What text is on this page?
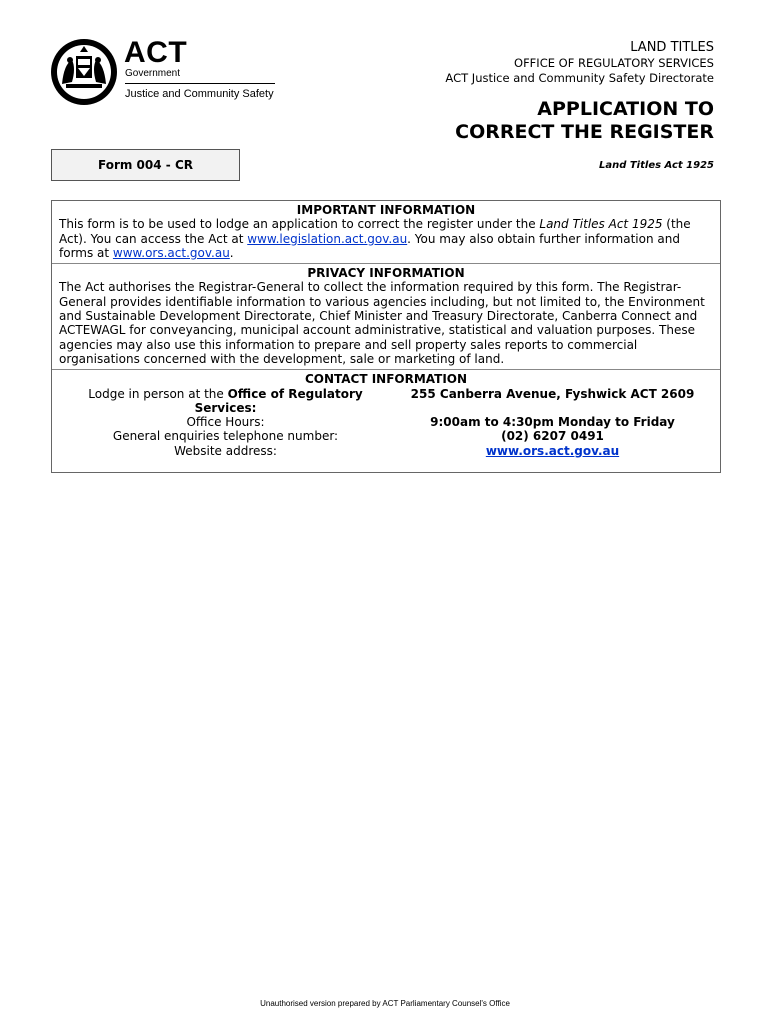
ACT
Government
Justice and Community Safety
LAND TITLES
OFFICE OF REGULATORY SERVICES
ACT Justice and Community Safety Directorate
APPLICATION TO
CORRECT THE REGISTER
Form 004 - CR	Land Titles Act 1925
IMPORTANT INFORMATION
This form is to be used to lodge an application to correct the register under the Land Titles Act 1925 (the Act). You can access the Act at www.legislation.act.gov.au. You may also obtain further information and forms at www.ors.act.gov.au.
PRIVACY INFORMATION
The Act authorises the Registrar-General to collect the information required by this form. The Registrar-General provides identifiable information to various agencies including, but not limited to, the Environment and Sustainable Development Directorate, Chief Minister and Treasury Directorate, Canberra Connect and ACTEWAGL for conveyancing, municipal account administrative, statistical and valuation purposes. These agencies may also use this information to prepare and sell property sales reports to commercial organisations concerned with the development, sale or marketing of land.
CONTACT INFORMATION
Lodge in person at the Office of Regulatory Services:
255 Canberra Avenue, Fyshwick ACT 2609
Office Hours:	9:00am to 4:30pm Monday to Friday
General enquiries telephone number:	(02) 6207 0491
Website address:	www.ors.act.gov.au
Unauthorised version prepared by ACT Parliamentary Counsel's Office
